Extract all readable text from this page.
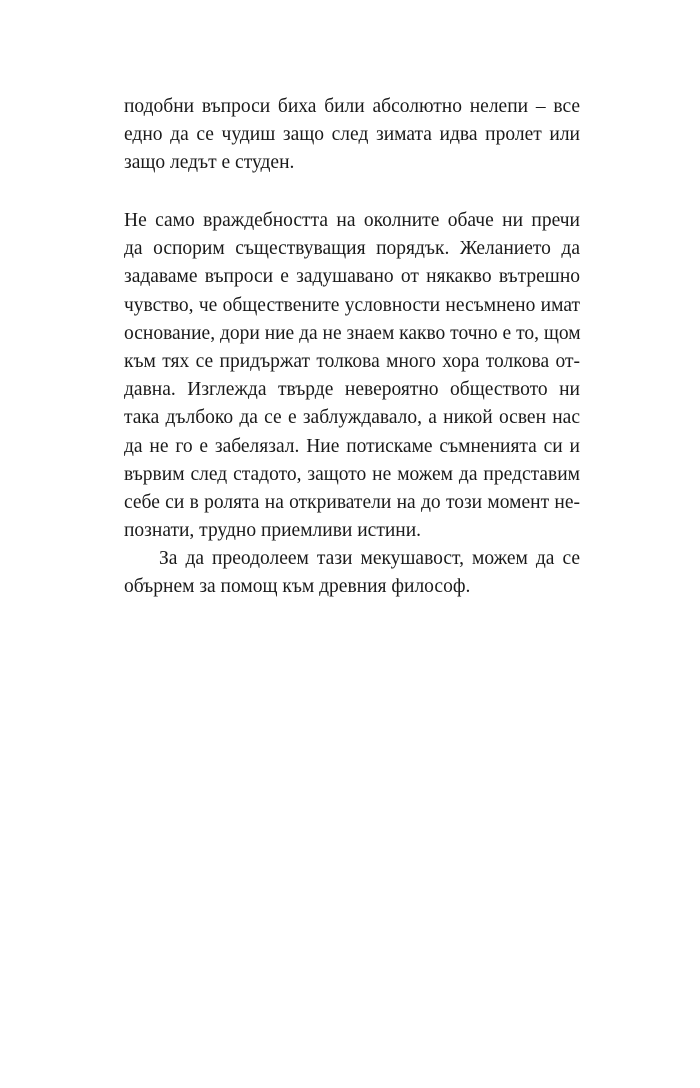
подобни въпроси биха били абсолютно нелепи – все
едно да се чудиш защо след зимата идва пролет или
защо ледът е студен.
Не само враждебността на околните обаче ни пречи
да оспорим съществуващия порядък. Желанието да
задаваме въпроси е задушавано от някакво вътрешно
чувство, че обществените условности несъмнено имат
основание, дори ние да не знаем какво точно е то, щом
към тях се придържат толкова много хора толкова от-
давна. Изглежда твърде невероятно обществото ни
така дълбоко да се е заблуждавало, а никой освен нас
да не го е забелязал. Ние потискаме съмненията си и
вървим след стадото, защото не можем да представим
себе си в ролята на откриватели на до този момент не-
познати, трудно приемливи истини.
За да преодолеем тази мекушавост, можем да се
обърнем за помощ към древния философ.
